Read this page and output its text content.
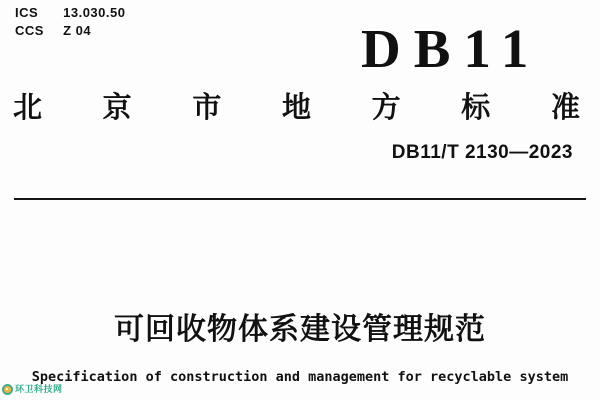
ICS 13.030.50
CCS Z 04	DB11
北 京 市 地 方 标 准
DB11/T 2130—2023
可回收物体系建设管理规范
Specification of construction and management for recyclable system
环卫科技网
